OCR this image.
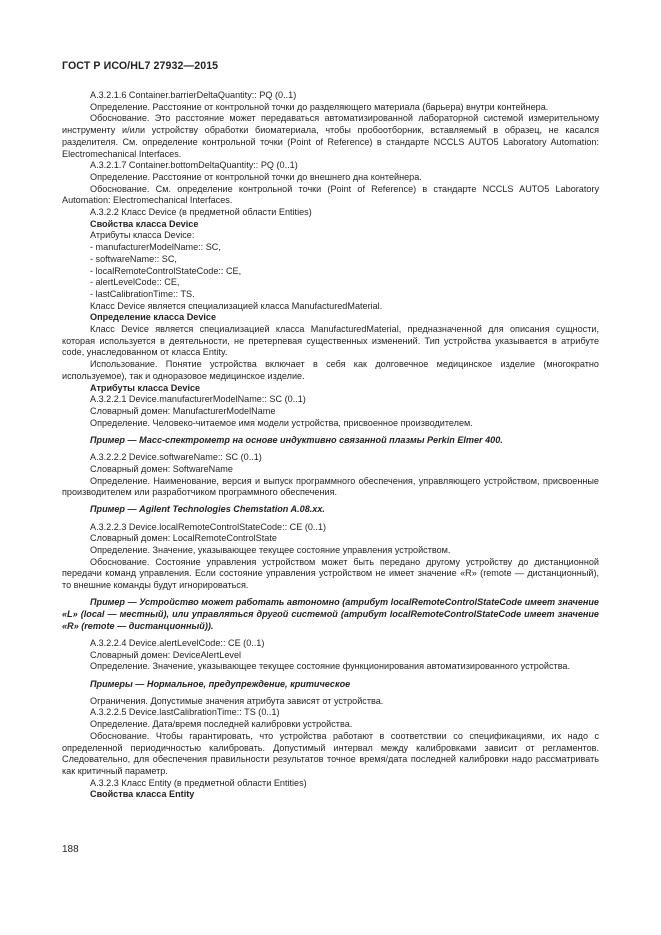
ГОСТ Р ИСО/HL7 27932—2015

A.3.2.1.6 Container.barrierDeltaQuantity:: PQ (0..1)

Определение. Расстояние от контрольной точки до разделяющего материала (барьера) внутри контейнера.

Обоснование. Это расстояние может передаваться автоматизированной лабораторной системой измерительному инструменту и/или устройству обработки биоматериала, чтобы пробоотборник, вставляемый в образец, не касался разделителя. См. определение контрольной точки (Point of Reference) в стандарте NCCLS AUTO5 Laboratory Automation: Electromechanical Interfaces.

A.3.2.1.7 Container.bottomDeltaQuantity:: PQ (0..1)

Определение. Расстояние от контрольной точки до внешнего дна контейнера.

Обоснование. См. определение контрольной точки (Point of Reference) в стандарте NCCLS AUTO5 Laboratory Automation: Electromechanical Interfaces.

A.3.2.2 Класс Device (в предметной области Entities)

Свойства класса Device

Атрибуты класса Device:

- manufacturerModelName:: SC,

- softwareName:: SC,

- localRemoteControlStateCode:: CE,

- alertLevelCode:: CE,

- lastCalibrationTime:: TS.

Класс Device является специализацией класса ManufacturedMaterial.

Определение класса Device

Класс Device является специализацией класса ManufacturedMaterial, предназначенной для описания сущности, которая используется в деятельности, не претерпевая существенных изменений. Тип устройства указывается в атрибуте code, унаследованном от класса Entity.

Использование. Понятие устройства включает в себя как долговечное медицинское изделие (многократно используемое), так и одноразовое медицинское изделие.

Атрибуты класса Device

A.3.2.2.1 Device.manufacturerModelName:: SC (0..1)

Словарный домен: ManufacturerModelName

Определение. Человеко-читаемое имя модели устройства, присвоенное производителем.

Пример — Масс-спектрометр на основе индуктивно связанной плазмы Perkin Elmer 400.

A.3.2.2.2 Device.softwareName:: SC (0..1)

Словарный домен: SoftwareName

Определение. Наименование, версия и выпуск программного обеспечения, управляющего устройством, присвоенные производителем или разработчиком программного обеспечения.

Пример — Agilent Technologies Chemstation A.08.xx.

A.3.2.2.3 Device.localRemoteControlStateCode:: CE (0..1)

Словарный домен: LocalRemoteControlState

Определение. Значение, указывающее текущее состояние управления устройством.

Обоснование. Состояние управления устройством может быть передано другому устройству до дистанционной передачи команд управления. Если состояние управления устройством не имеет значение «R» (remote — дистанционный), то внешние команды будут игнорироваться.

Пример — Устройство может работать автономно (атрибут localRemoteControlStateCode имеет значение «L» (local — местный), или управляться другой системой (атрибут localRemoteControlStateCode имеет значение «R» (remote — дистанционный)).

A.3.2.2.4 Device.alertLevelCode:: CE (0..1)

Словарный домен: DeviceAlertLevel

Определение. Значение, указывающее текущее состояние функционирования автоматизированного устройства.

Примеры — Нормальное, предупреждение, критическое

Ограничения. Допустимые значения атрибута зависят от устройства.

A.3.2.2.5 Device.lastCalibrationTime:: TS (0..1)

Определение. Дата/время последней калибровки устройства.

Обоснование. Чтобы гарантировать, что устройства работают в соответствии со спецификациями, их надо с определенной периодичностью калибровать. Допустимый интервал между калибровками зависит от регламентов. Следовательно, для обеспечения правильности результатов точное время/дата последней калибровки надо рассматривать как критичный параметр.

A.3.2.3 Класс Entity (в предметной области Entities)

Свойства класса Entity

188
